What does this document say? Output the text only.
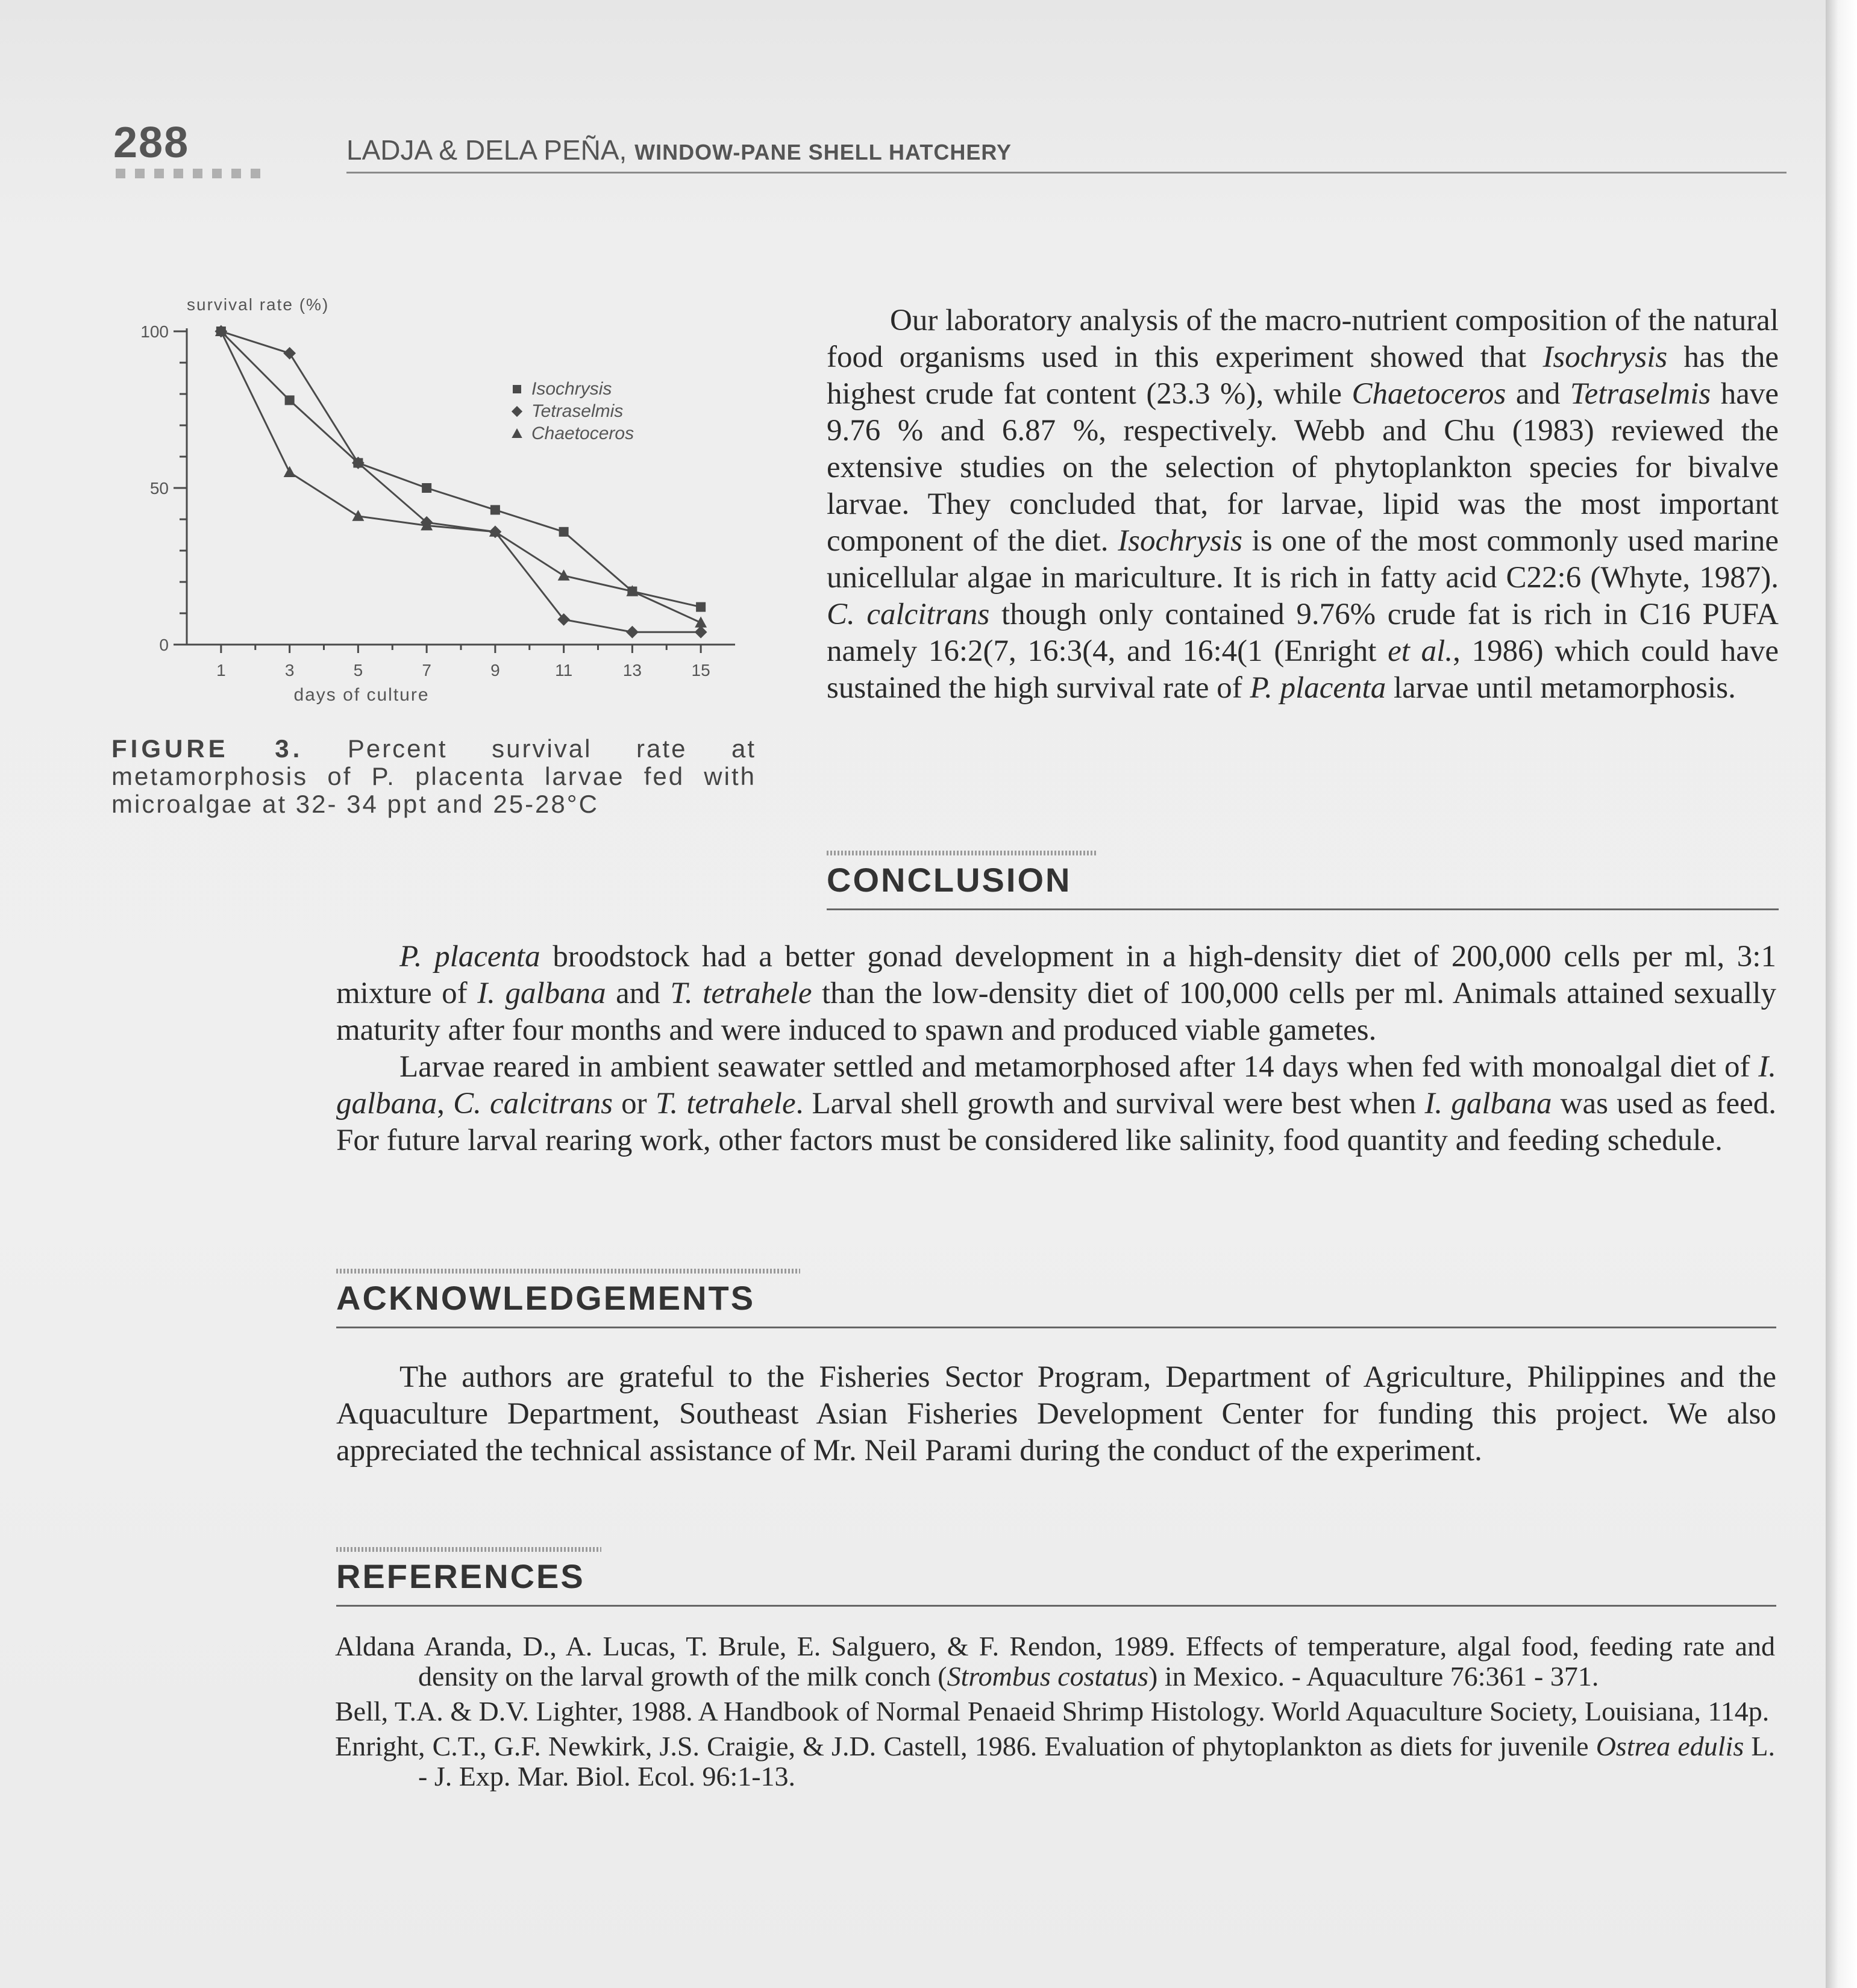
288	LADJA & DELA PEÑA, WINDOW-PANE SHELL HATCHERY
survival rate (%)
days of culture
0
50
100
1	3	5	7	9	11	13	15
Isochrysis
Tetraselmis
Chaetoceros
FIGURE 3. Percent survival rate at metamorphosis of P. placenta larvae fed with microalgae at 32- 34 ppt and 25-28°C

Our laboratory analysis of the macro-nutrient composition of the natural food organisms used in this experiment showed that Isochrysis has the highest crude fat content (23.3 %), while Chaetoceros and Tetraselmis have 9.76 % and 6.87 %, respectively. Webb and Chu (1983) reviewed the extensive studies on the selection of phytoplankton species for bivalve larvae. They concluded that, for larvae, lipid was the most important component of the diet. Isochrysis is one of the most commonly used marine unicellular algae in mariculture. It is rich in fatty acid C22:6 (Whyte, 1987). C. calcitrans though only contained 9.76% crude fat is rich in C16 PUFA namely 16:2(7, 16:3(4, and 16:4(1 (Enright et al., 1986) which could have sustained the high survival rate of P. placenta larvae until metamorphosis.

CONCLUSION

P. placenta broodstock had a better gonad development in a high-density diet of 200,000 cells per ml, 3:1 mixture of I. galbana and T. tetrahele than the low-density diet of 100,000 cells per ml. Animals attained sexually maturity after four months and were induced to spawn and produced viable gametes.

Larvae reared in ambient seawater settled and metamorphosed after 14 days when fed with monoalgal diet of I. galbana, C. calcitrans or T. tetrahele. Larval shell growth and survival were best when I. galbana was used as feed. For future larval rearing work, other factors must be considered like salinity, food quantity and feeding schedule.

ACKNOWLEDGEMENTS

The authors are grateful to the Fisheries Sector Program, Department of Agriculture, Philippines and the Aquaculture Department, Southeast Asian Fisheries Development Center for funding this project. We also appreciated the technical assistance of Mr. Neil Parami during the conduct of the experiment.

REFERENCES

Aldana Aranda, D., A. Lucas, T. Brule, E. Salguero, & F. Rendon, 1989. Effects of temperature, algal food, feeding rate and density on the larval growth of the milk conch (Strombus costatus) in Mexico. - Aquaculture 76:361 - 371.

Bell, T.A. & D.V. Lighter, 1988. A Handbook of Normal Penaeid Shrimp Histology. World Aquaculture Society, Louisiana, 114p.

Enright, C.T., G.F. Newkirk, J.S. Craigie, & J.D. Castell, 1986. Evaluation of phytoplankton as diets for juvenile Ostrea edulis L. - J. Exp. Mar. Biol. Ecol. 96:1-13.
